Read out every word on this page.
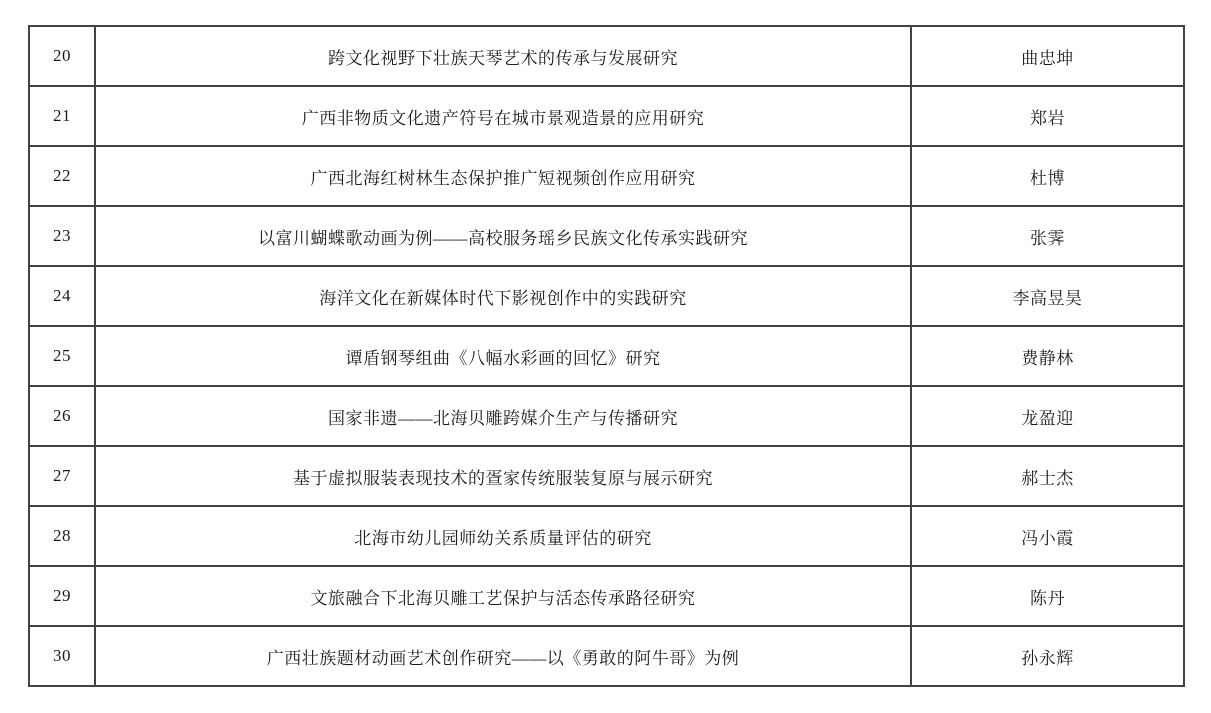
20	跨文化视野下壮族天琴艺术的传承与发展研究	曲忠坤
21	广西非物质文化遗产符号在城市景观造景的应用研究	郑岩
22	广西北海红树林生态保护推广短视频创作应用研究	杜博
23	以富川蝴蝶歌动画为例——高校服务瑶乡民族文化传承实践研究	张霁
24	海洋文化在新媒体时代下影视创作中的实践研究	李高昱昊
25	谭盾钢琴组曲《八幅水彩画的回忆》研究	费静林
26	国家非遗——北海贝雕跨媒介生产与传播研究	龙盈迎
27	基于虚拟服装表现技术的疍家传统服装复原与展示研究	郝士杰
28	北海市幼儿园师幼关系质量评估的研究	冯小霞
29	文旅融合下北海贝雕工艺保护与活态传承路径研究	陈丹
30	广西壮族题材动画艺术创作研究——以《勇敢的阿牛哥》为例	孙永辉
